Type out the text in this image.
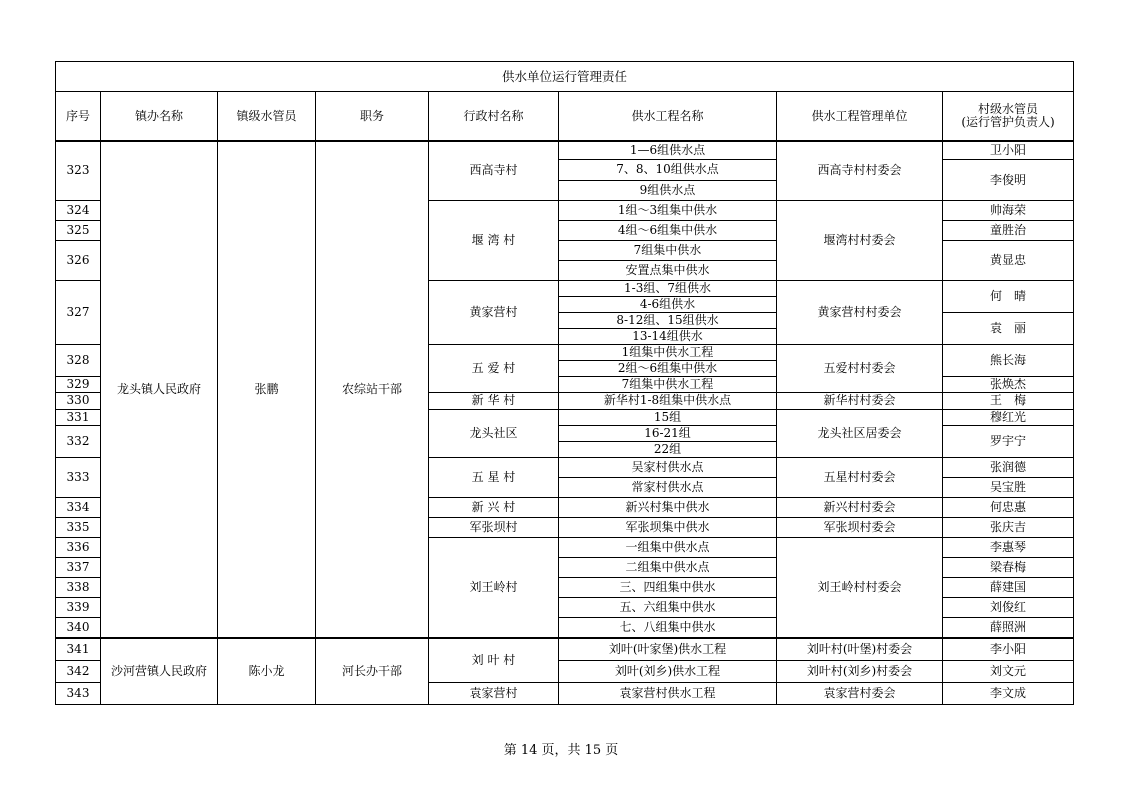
供水单位运行管理责任							
序号	镇办名称	镇级水管员	职务	行政村名称	供水工程名称	供水工程管理单位	村级水管员
(运行管护负责人)

323	龙头镇人民政府	张鹏	农综站干部	西高寺村	1—6组供水点	西高寺村村委会	卫小阳
					7、8、10组供水点		李俊明
					9组供水点		
324				堰 湾 村	1组～3组集中供水	堰湾村村委会	帅海荣
325					4组～6组集中供水		童胜治
326					7组集中供水		黄显忠
					安置点集中供水		
327				黄家营村	1-3组、7组供水	黄家营村村委会	何　晴
					4-6组供水		
					8-12组、15组供水		袁　丽
					13-14组供水		
328				五 爱 村	1组集中供水工程	五爱村村委会	熊长海
					2组～6组集中供水		
329					7组集中供水工程		张焕杰
330				新 华 村	新华村1-8组集中供水点	新华村村委会	王　梅
331				龙头社区	15组	龙头社区居委会	穆红光
332					16-21组		罗宇宁
					22组		
333				五 星 村	吴家村供水点	五星村村委会	张润德
					常家村供水点		吴宝胜
334				新 兴 村	新兴村集中供水	新兴村村委会	何忠惠
335				军张坝村	军张坝集中供水	军张坝村委会	张庆吉
336				刘王岭村	一组集中供水点	刘王岭村村委会	李惠琴
337					二组集中供水点		梁春梅
338					三、四组集中供水		薛建国
339					五、六组集中供水		刘俊红
340					七、八组集中供水		薛照洲
341	沙河营镇人民政府	陈小龙	河长办干部	刘 叶 村	刘叶(叶家堡)供水工程	刘叶村(叶堡)村委会	李小阳
342					刘叶(刘乡)供水工程	刘叶村(刘乡)村委会	刘文元
343				袁家营村	袁家营村供水工程	袁家营村委会	李文成
第 14 页，共 15 页
